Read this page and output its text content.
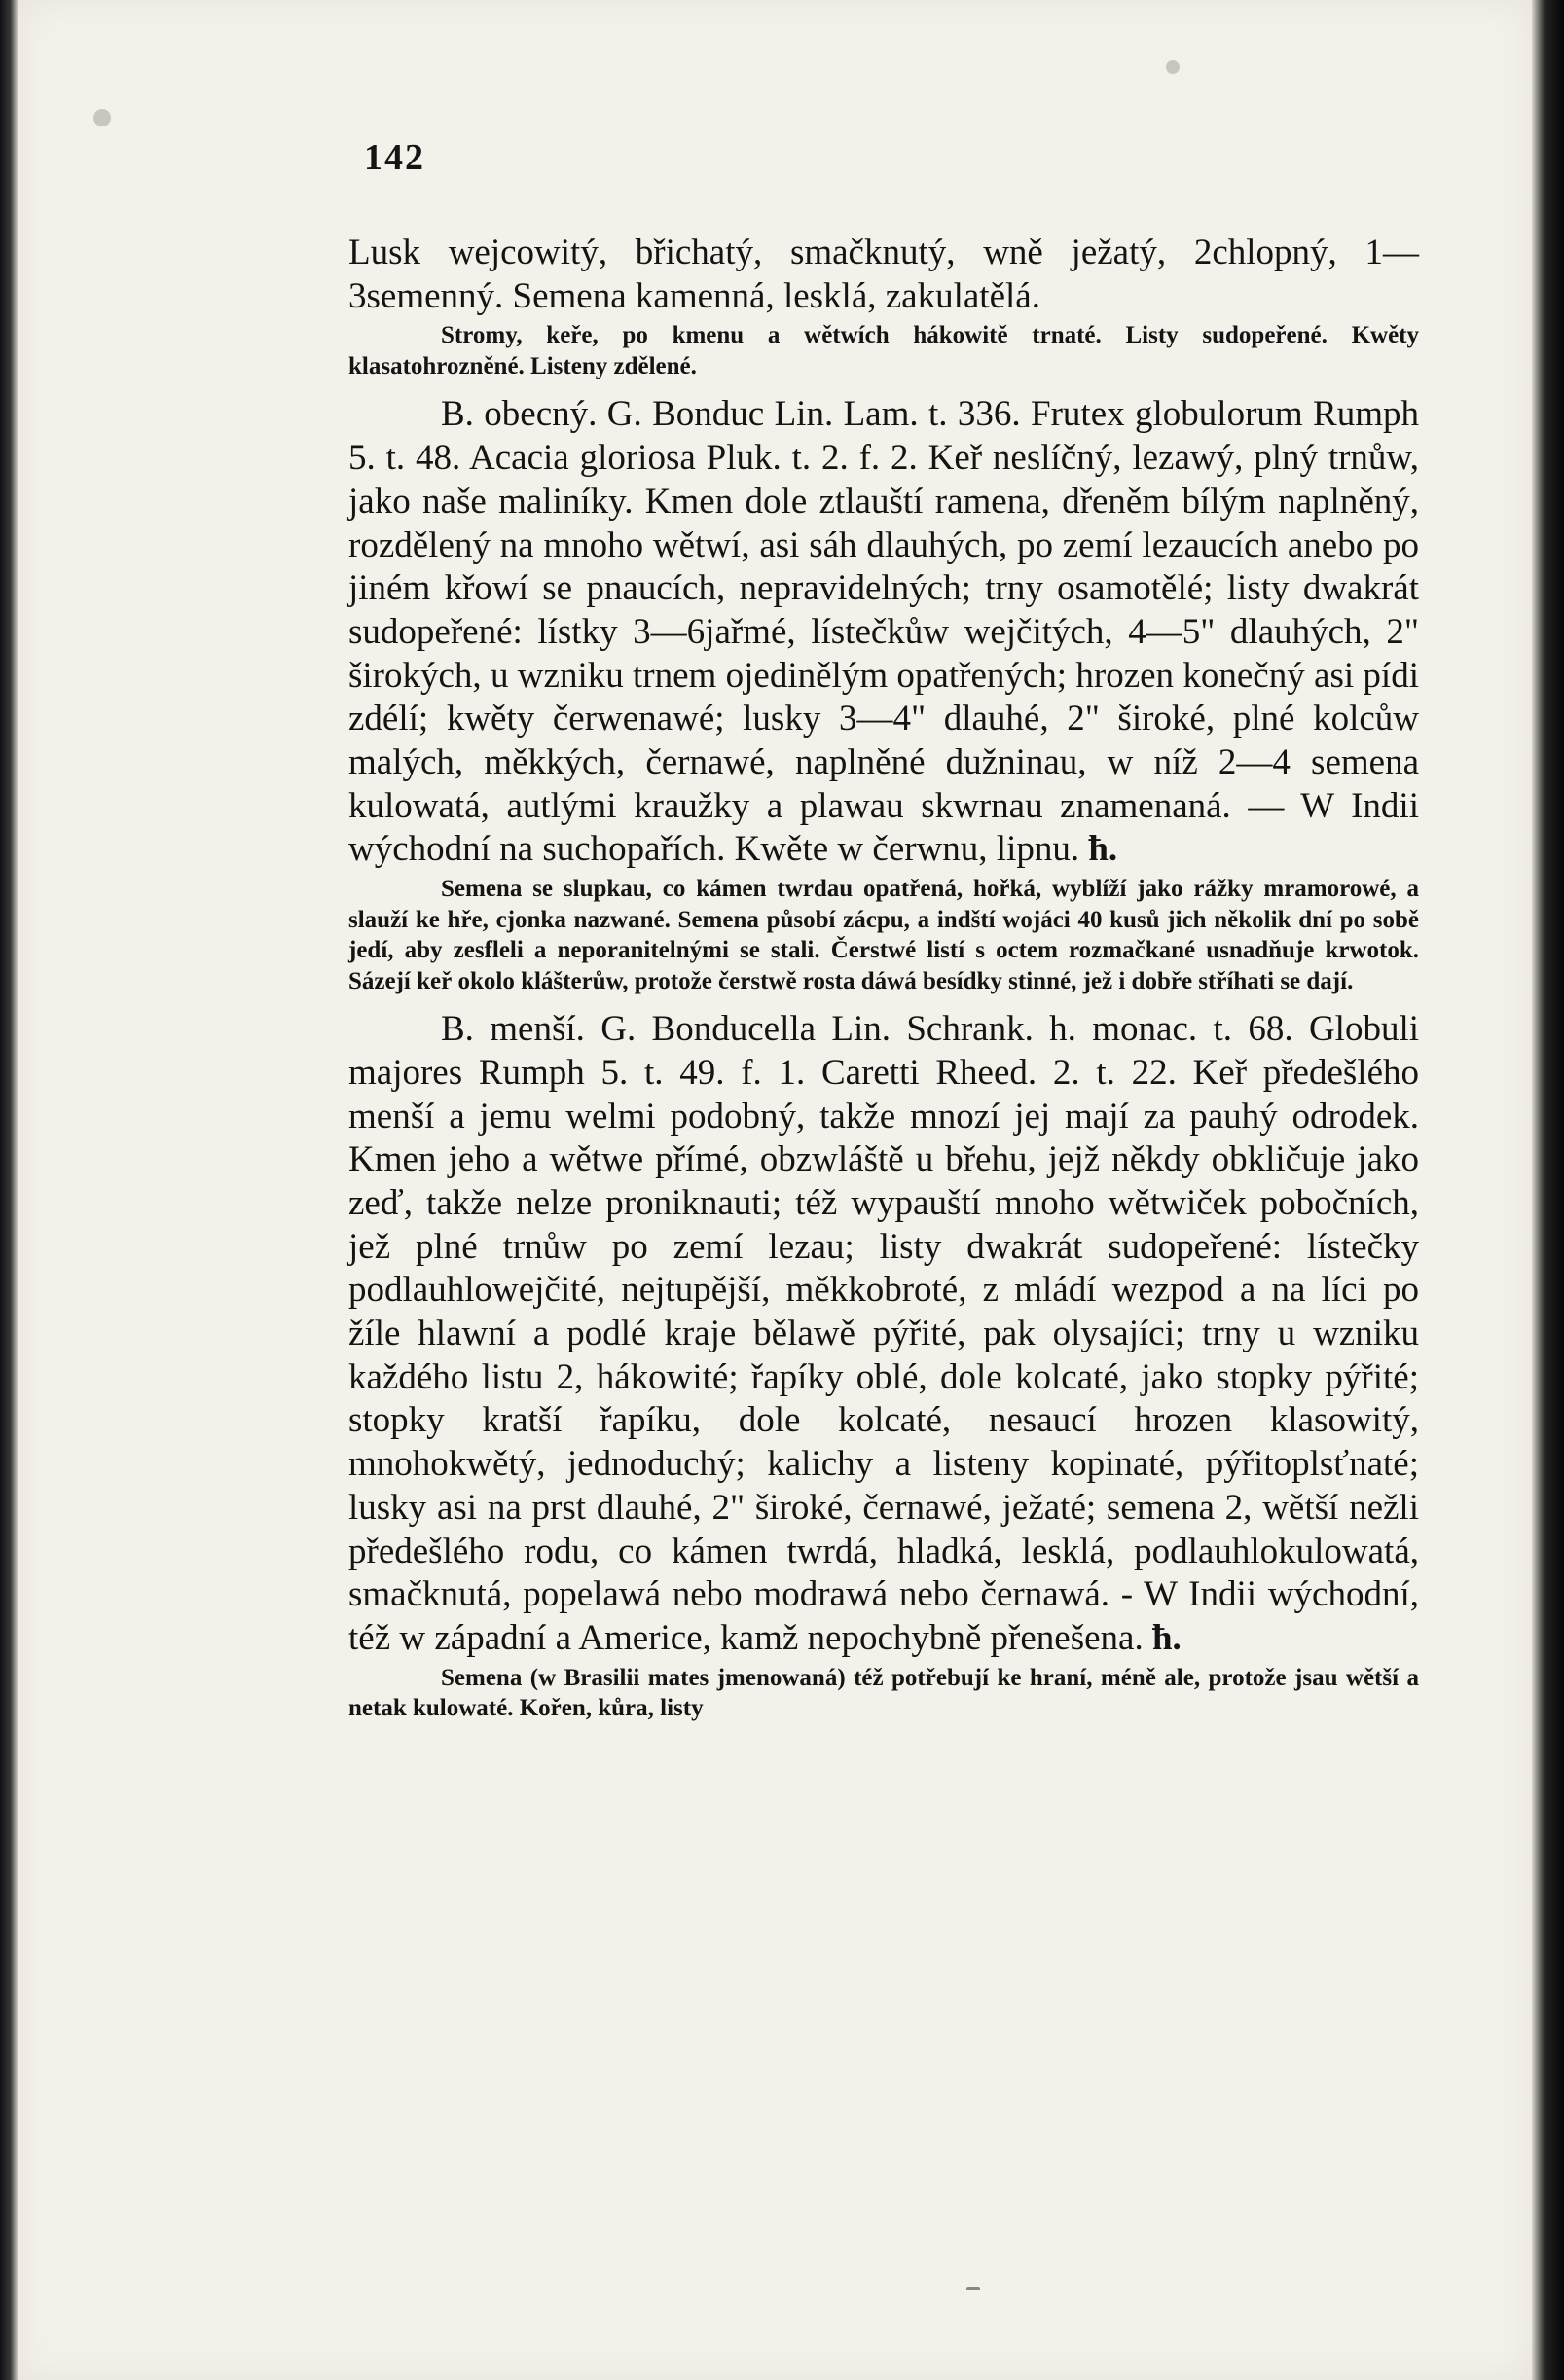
142

Lusk wejcowitý, břichatý, smačknutý, wně ježatý, 2chlopný, 1—3semenný. Semena kamenná, lesklá, zakulatělá.

Stromy, keře, po kmenu a wětwích hákowitě trnaté. Listy sudopeřené. Kwěty klasatohrozněné. Listeny zdělené.

B. obecný. G. Bonduc Lin. Lam. t. 336. Frutex globulorum Rumph 5. t. 48. Acacia gloriosa Pluk. t. 2. f. 2. Keř neslíčný, lezawý, plný trnůw, jako naše maliníky. Kmen dole ztlauští ramena, dřeněm bílým naplněný, rozdělený na mnoho wětwí, asi sáh dlauhých, po zemí lezaucích anebo po jiném křowí se pnaucích, nepravidelných; trny osamotělé; listy dwakrát sudopeřené: lístky 3—6jařmé, lístečkůw wejčitých, 4—5" dlauhých, 2" širokých, u wzniku trnem ojedinělým opatřených; hrozen konečný asi pídi zdélí; kwěty čerwenawé; lusky 3—4" dlauhé, 2" široké, plné kolcůw malých, měkkých, černawé, naplněné dužninau, w níž 2—4 semena kulowatá, autlými kraužky a plawau skwrnau znamenaná. — W Indii wýchodní na suchopařích. Kwěte w čerwnu, lipnu. ħ.

Semena se slupkau, co kámen twrdau opatřená, hořká, wyblíží jako rážky mramorowé, a slauží ke hře, cjonka nazwané. Semena působí zácpu, a indští wojáci 40 kusů jich několik dní po sobě jedí, aby zesfleli a neporanitelnými se stali. Čerstwé listí s octem rozmačkané usnadňuje krwotok. Sázejí keř okolo klášterůw, protože čerstwě rosta dáwá besídky stinné, jež i dobře stříhati se dají.

B. menší. G. Bonducella Lin. Schrank. h. monac. t. 68. Globuli majores Rumph 5. t. 49. f. 1. Caretti Rheed. 2. t. 22. Keř předešlého menší a jemu welmi podobný, takže mnozí jej mají za pauhý odrodek. Kmen jeho a wětwe přímé, obzwláště u břehu, jejž někdy obkličuje jako zeď, takže nelze proniknauti; též wypauští mnoho wětwiček pobočních, jež plné trnůw po zemí lezau; listy dwakrát sudopeřené: lístečky podlauhlowejčité, nejtupější, měkkobroté, z mládí wezpod a na líci po žíle hlawní a podlé kraje bělawě pýřité, pak olysajíci; trny u wzniku každého listu 2, hákowité; řapíky oblé, dole kolcaté, jako stopky pýřité; stopky kratší řapíku, dole kolcaté, nesaucí hrozen klasowitý, mnohokwětý, jednoduchý; kalichy a listeny kopinaté, pýřitoplsťnaté; lusky asi na prst dlauhé, 2" široké, černawé, ježaté; semena 2, wětší nežli předešlého rodu, co kámen twrdá, hladká, lesklá, podlauhlokulowatá, smačknutá, popelawá nebo modrawá nebo černawá. - W Indii wýchodní, též w západní a Americe, kamž nepochybně přenešena. ħ.

Semena (w Brasilii mates jmenowaná) též potřebují ke hraní, méně ale, protože jsau wětší a netak kulowaté. Kořen, kůra, listy
